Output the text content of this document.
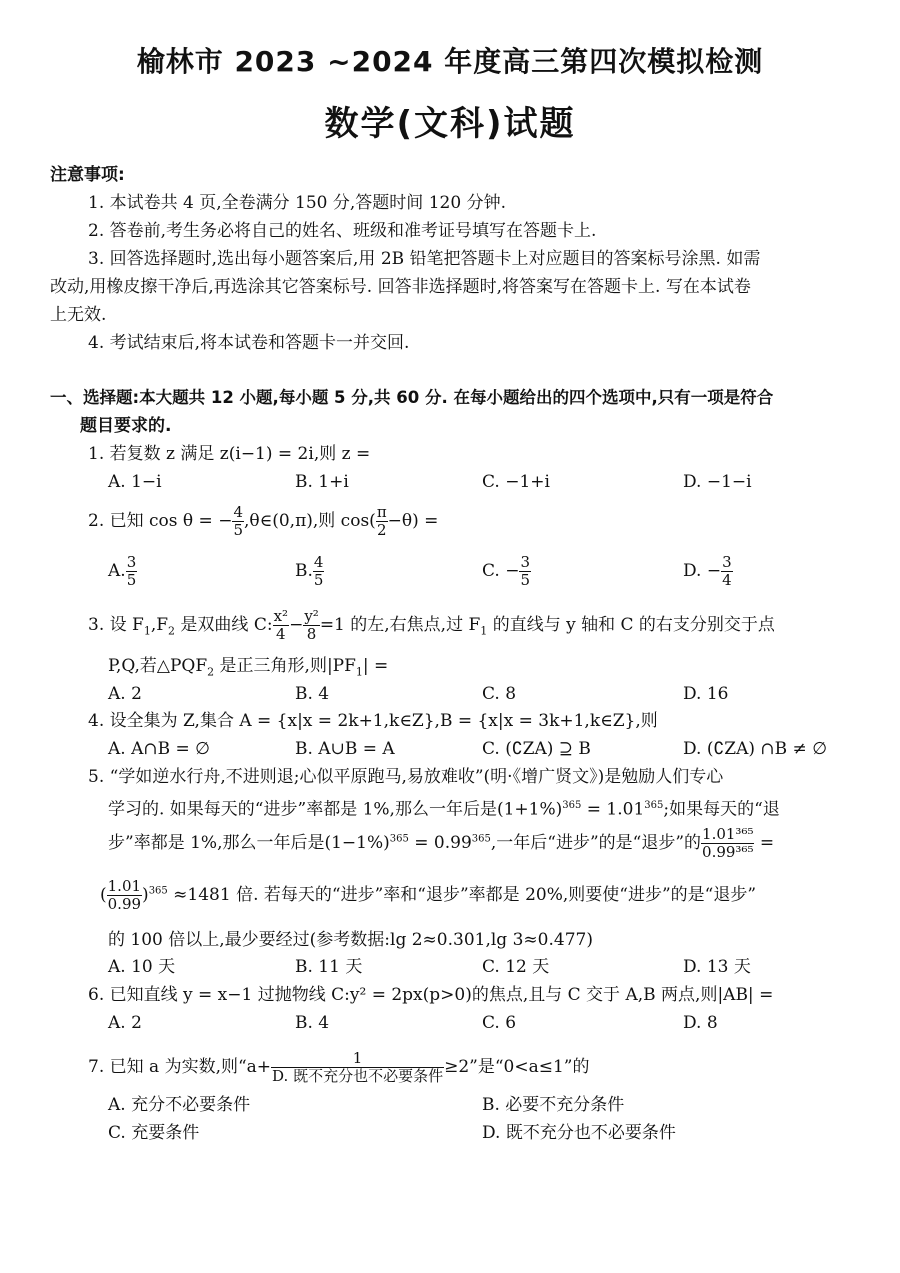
榆林市 2023 ~2024 年度高三第四次模拟检测
数学(文科)试题
注意事项:
1. 本试卷共 4 页,全卷满分 150 分,答题时间 120 分钟.
2. 答卷前,考生务必将自己的姓名、班级和准考证号填写在答题卡上.
3. 回答选择题时,选出每小题答案后,用 2B 铅笔把答题卡上对应题目的答案标号涂黑. 如需
改动,用橡皮擦干净后,再选涂其它答案标号. 回答非选择题时,将答案写在答题卡上. 写在本试卷
上无效.
4. 考试结束后,将本试卷和答题卡一并交回.
一、选择题:本大题共 12 小题,每小题 5 分,共 60 分. 在每小题给出的四个选项中,只有一项是符合
题目要求的.
1. 若复数 z 满足 z(i−1) = 2i,则 z =
A. 1−i	B. 1+i	C. −1+i	D. −1−i
2. 已知 cos θ = − $\frac{4}{5}$ ,θ∈(0,π),则 $\cos( \frac{\pi}{2} -\theta)$ =
A. $\frac{3}{5}$	B. $\frac{4}{5}$	C. − $\frac{3}{5}$	D. − $\frac{3}{4}$
3. 设 $F_1,F_2$ 是双曲线 C: $\frac{\text{x²}}{4} - \frac{\text{y²}}{8} =1$ 的左,右焦点,过 $F_1$ 的直线与 y 轴和 C 的右支分别交于点
P,Q,若$\triangle PQF_2$ 是正三角形,则$|PF_1|$ =
A. 2	B. 4	C. 8	D. 16
4. 设全集为 Z,集合 A = {x|x = 2k+1,k∈Z},B = {x|x = 3k+1,k∈Z},则
A. A∩B = ∅	B. A∪B = A	C. (∁ZA) ⊇ B	D. (∁ZA) ∩B ≠ ∅
5. “学如逆水行舟,不进则退;心似平原跑马,易放难收”(明·《增广贤文》)是勉励人们专心
学习的. 如果每天的“进步”率都是 1%,那么一年后是$(1+1\%)^{365} = 1.01^{365}$;如果每天的“退
步”率都是 1%,那么一年后是$(1-1\%)^{365} = 0.99^{365}$,一年后“进步”的是“退步”的 $\frac{\text{1.01³⁶⁵}}{\text{0.99³⁶⁵}}$ =
( $\frac{1.01}{0.99} )^{365} \approx 1481$ 倍. 若每天的“进步”率和“退步”率都是 20%,则要使“进步”的是“退步”
的 100 倍以上,最少要经过(参考数据:lg 2≈0.301,lg 3≈0.477)
A. 10 天	B. 11 天	C. 12 天	D. 13 天
6. 已知直线 y = x−1 过抛物线 C:y² = 2px(p>0)的焦点,且与 C 交于 A,B 两点,则|AB| =
A. 2	B. 4	C. 6	D. 8
7. 已知 a 为实数,则“$a+ \frac{1}{\text{D. 既不充分也不必要条件}} \ge 2$”是“0<a≤1”的
A. 充分不必要条件	B. 必要不充分条件
C. 充要条件	D. 既不充分也不必要条件
